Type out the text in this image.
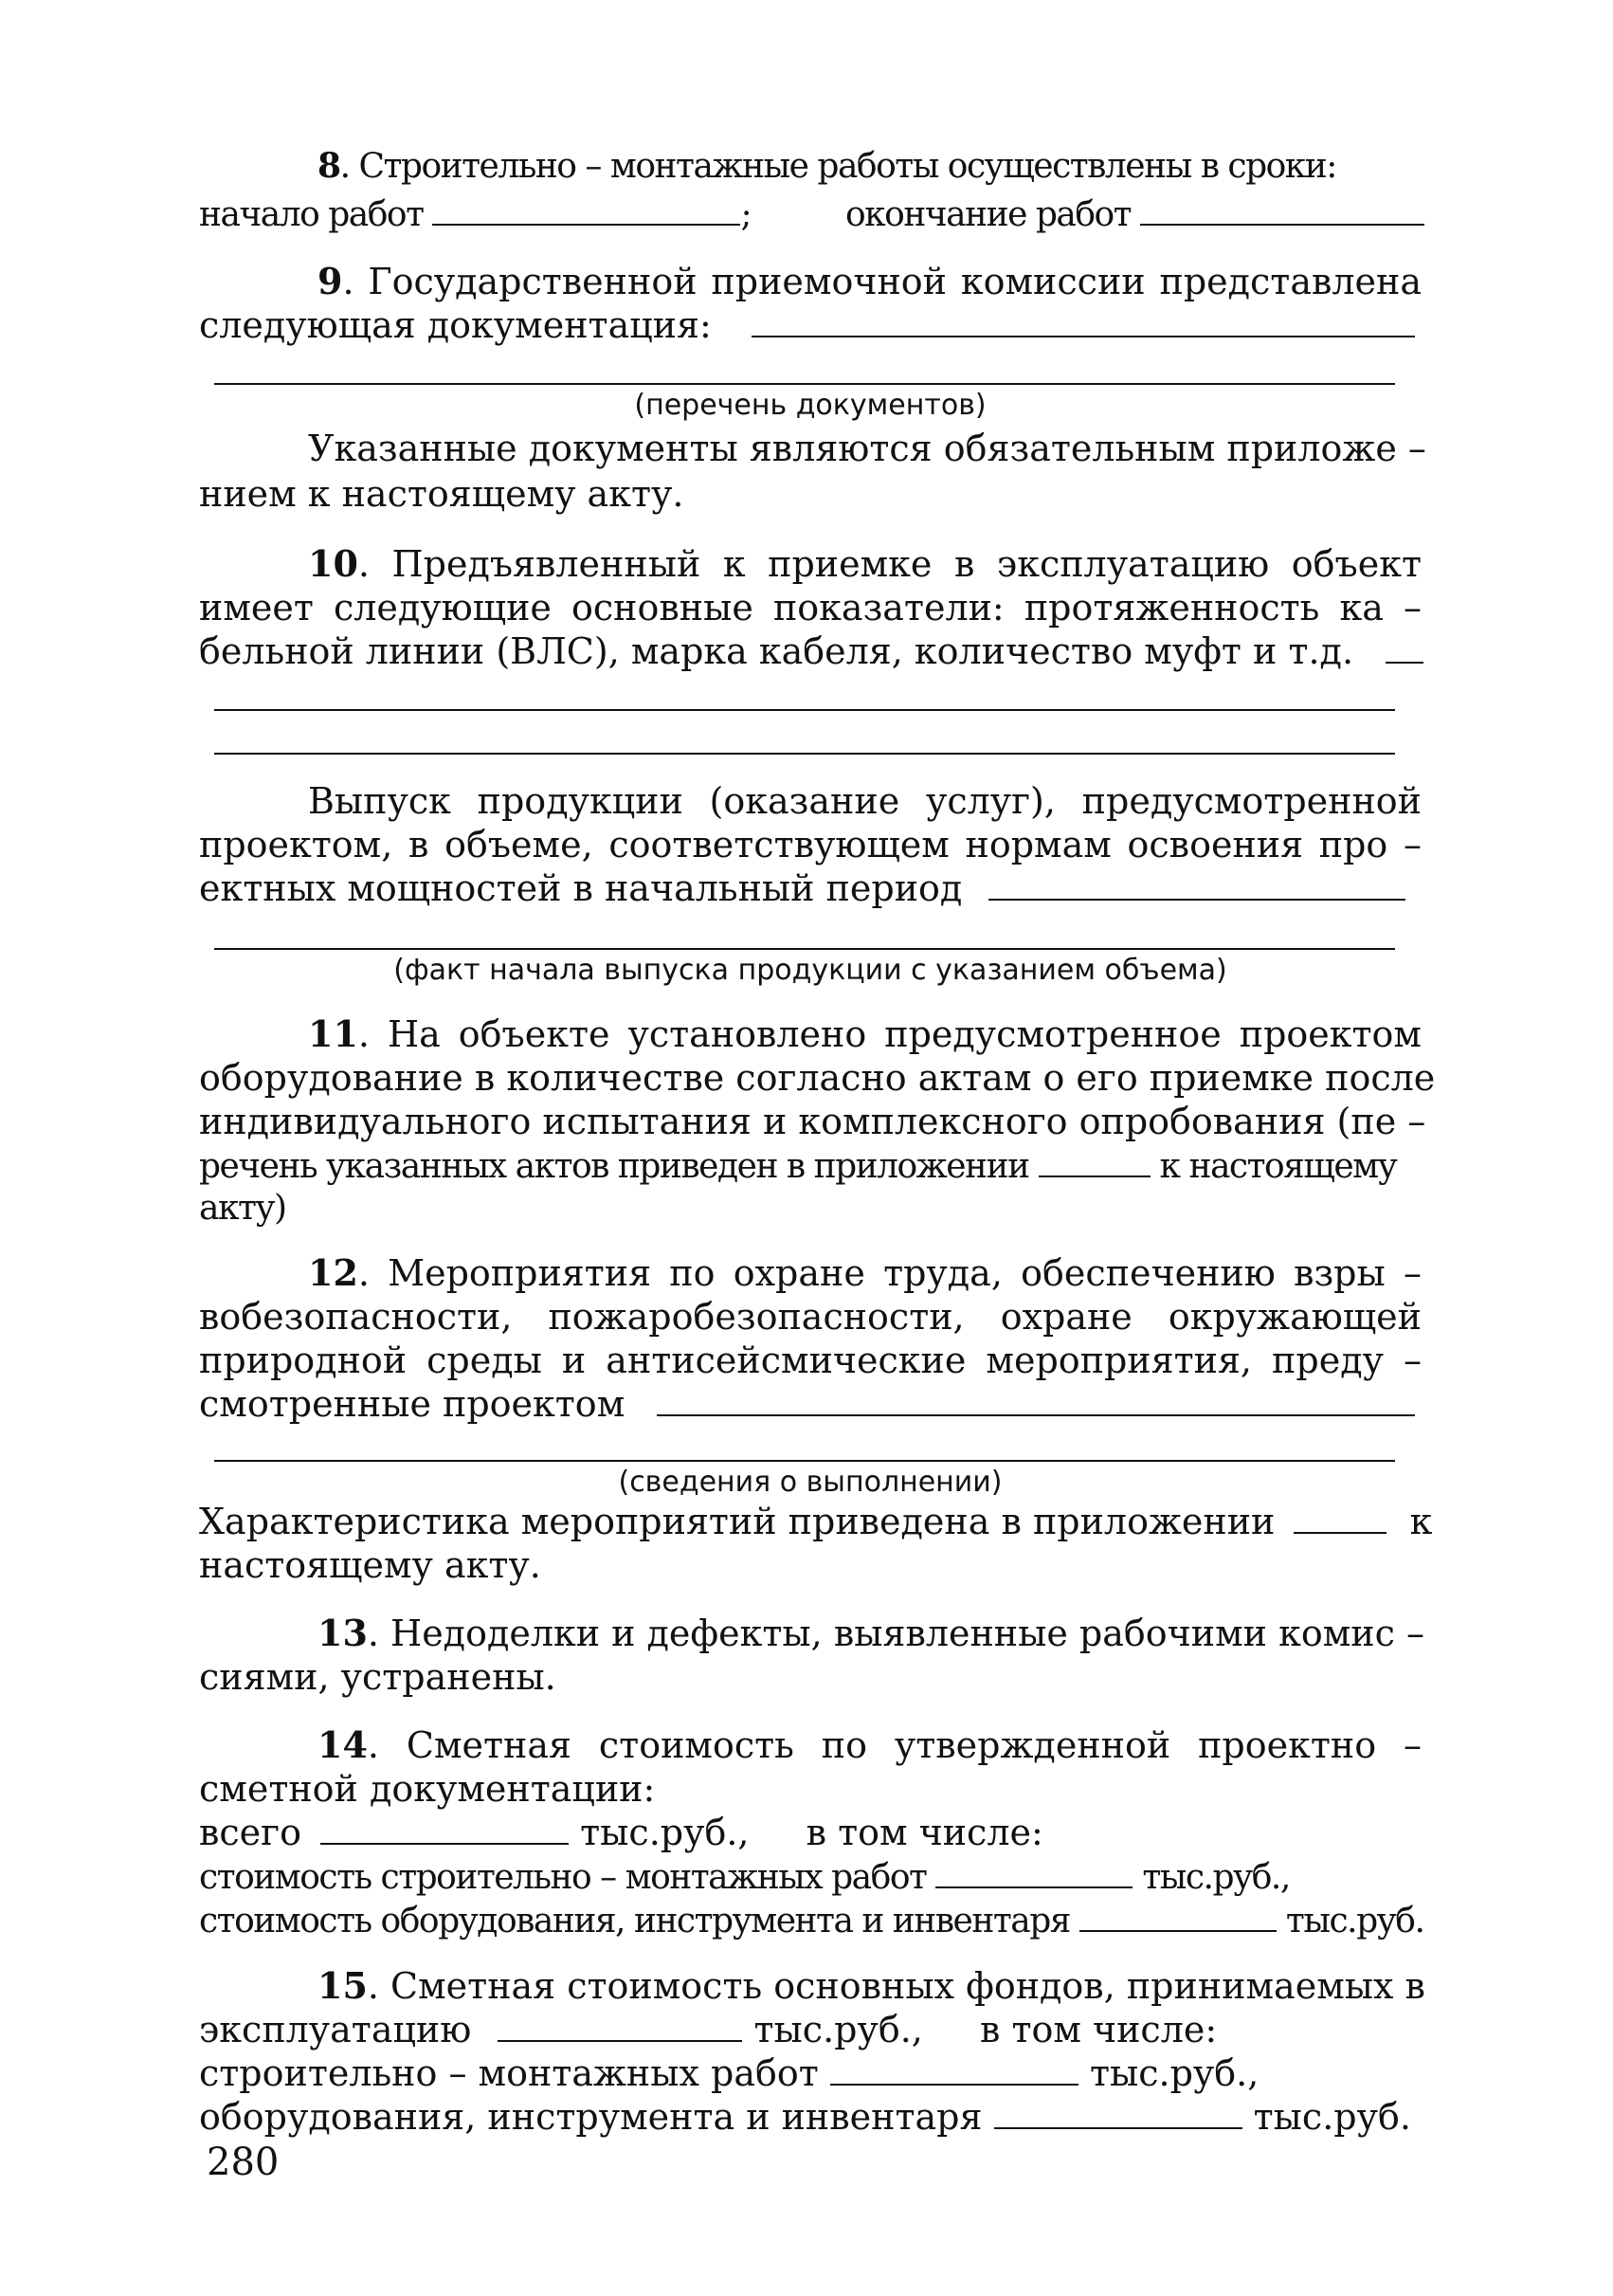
8. Строительно – монтажные работы осуществлены в сроки:
начало работ	;	окончание работ
9. Государственной приемочной комиссии представлена
следующая документация:
(перечень документов)
Указанные документы являются обязательным приложе –
нием к настоящему акту.
10. Предъявленный к приемке в эксплуатацию объект
имеет следующие основные показатели: протяженность ка –
бельной линии (ВЛС), марка кабеля, количество муфт и т.д.
Выпуск продукции (оказание услуг), предусмотренной
проектом, в объеме, соответствующем нормам освоения про –
ектных мощностей в начальный период
(факт начала выпуска продукции с указанием объема)
11. На объекте установлено предусмотренное проектом
оборудование в количестве согласно актам о его приемке после
индивидуального испытания и комплексного опробования (пе –
речень указанных актов приведен в приложении	к настоящему
акту)
12. Мероприятия по охране труда, обеспечению взры –
вобезопасности, пожаробезопасности, охране окружающей
природной среды и антисейсмические мероприятия, преду –
смотренные проектом
(сведения о выполнении)
Характеристика мероприятий приведена в приложении	к
настоящему акту.
13. Недоделки и дефекты, выявленные рабочими комис –
сиями, устранены.
14. Сметная стоимость по утвержденной проектно –
сметной документации:
всего	тыс.руб., в том числе:
стоимость строительно – монтажных работ	тыс.руб.,
стоимость оборудования, инструмента и инвентаря	тыс.руб.
15. Сметная стоимость основных фондов, принимаемых в
эксплуатацию	тыс.руб., в том числе:
строительно – монтажных работ	тыс.руб.,
оборудования, инструмента и инвентаря	тыс.руб.
280
